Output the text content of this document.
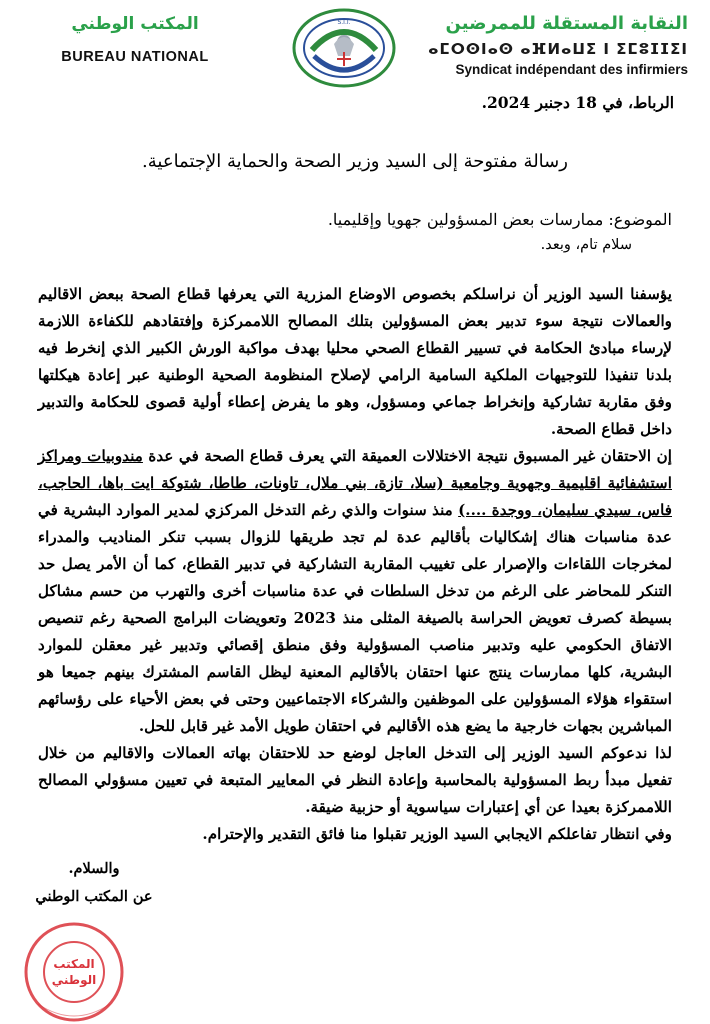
النقابة المستقلة للممرضين
ⴰⵎⵔⵙⵏⴰⵙ ⴰⴼⵍⴰⵡⵉ ⵏ ⵉⵎⵓⵊⵊⵉⵏ
Syndicat indépendant des infirmiers
S.I.I.
المكتب الوطني
BUREAU NATIONAL
الرباط، في 18 دجنبر 2024.
رسالة مفتوحة إلى السيد وزير الصحة والحماية الإجتماعية.
الموضوع: ممارسات بعض المسؤولين جهويا وإقليميا.
سلام تام، وبعد.

يؤسفنا السيد الوزير أن نراسلكم بخصوص الاوضاع المزرية التي يعرفها قطاع الصحة ببعض الاقاليم والعمالات نتيجة سوء تدبير بعض المسؤولين بتلك المصالح اللاممركزة وإفتقادهم للكفاءة اللازمة لإرساء مبادئ الحكامة في تسيير القطاع الصحي محليا بهدف مواكبة الورش الكبير الذي إنخرط فيه بلدنا تنفيذا للتوجيهات الملكية السامية الرامي لإصلاح المنظومة الصحية الوطنية عبر إعادة هيكلتها وفق مقاربة تشاركية وإنخراط جماعي ومسؤول، وهو ما يفرض إعطاء أولية قصوى للحكامة والتدبير داخل قطاع الصحة.

إن الاحتقان غير المسبوق نتيجة الاختلالات العميقة التي يعرف قطاع الصحة في عدة مندوبيات ومراكز استشفائية اقليمية وجهوية وجامعية (سلا، تازة، بني ملال، تاونات، طاطا، شتوكة ايت باها، الحاجب، فاس، سيدي سليمان، ووجدة ....) منذ سنوات والذي رغم التدخل المركزي لمدير الموارد البشرية في عدة مناسبات هناك إشكاليات بأقاليم عدة لم تجد طريقها للزوال بسبب تنكر المناديب والمدراء لمخرجات اللقاءات والإصرار على تغييب المقاربة التشاركية في تدبير القطاع، كما أن الأمر يصل حد التنكر للمحاضر على الرغم من تدخل السلطات في عدة مناسبات أخرى والتهرب من حسم مشاكل بسيطة كصرف تعويض الحراسة بالصيغة المثلى منذ 2023 وتعويضات البرامج الصحية رغم تنصيص الاتفاق الحكومي عليه وتدبير مناصب المسؤولية وفق منطق إقصائي وتدبير غير معقلن للموارد البشرية، كلها ممارسات ينتج عنها احتقان بالأقاليم المعنية ليظل القاسم المشترك بينهم جميعا هو استقواء هؤلاء المسؤولين على الموظفين والشركاء الاجتماعيين وحتى في بعض الأحياء على رؤسائهم المباشرين بجهات خارجية ما يضع هذه الأقاليم في احتقان طويل الأمد غير قابل للحل.

لذا ندعوكم السيد الوزير إلى التدخل العاجل لوضع حد للاحتقان بهاته العمالات والاقاليم من خلال تفعيل مبدأ ربط المسؤولية بالمحاسبة وإعادة النظر في المعايير المتبعة في تعيين مسؤولي المصالح اللاممركزة بعيدا عن أي إعتبارات سياسوية أو حزبية ضيقة.

وفي انتظار تفاعلكم الايجابي السيد الوزير تقبلوا منا فائق التقدير والإحترام.

والسلام.
عن المكتب الوطني
المكتب
الوطني
